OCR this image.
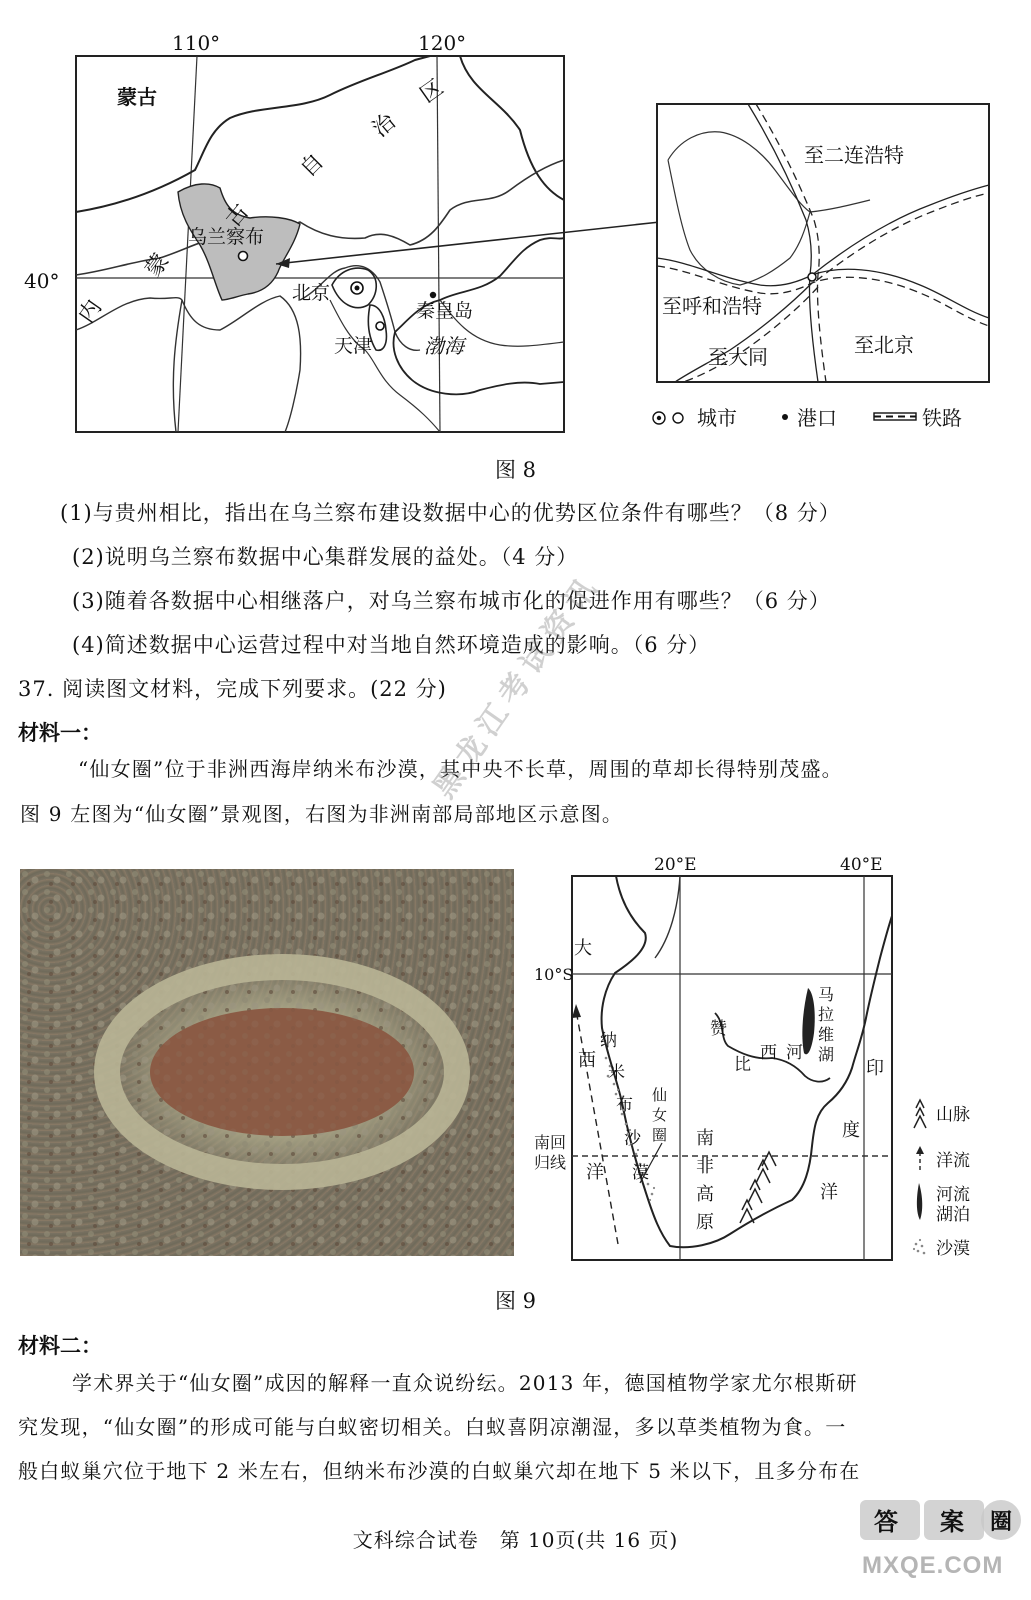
110°	120°
40°
蒙古
内
蒙
古
自
治
区
乌兰察布
北京
天津
秦皇岛
渤海
至二连浩特
至呼和浩特
至大同	至北京
城市	港口	铁路
图 8
(1)与贵州相比，指出在乌兰察布建设数据中心的优势区位条件有哪些？（8 分）
(2)说明乌兰察布数据中心集群发展的益处。（4 分）
(3)随着各数据中心相继落户，对乌兰察布城市化的促进作用有哪些？（6 分）
(4)简述数据中心运营过程中对当地自然环境造成的影响。（6 分）
37. 阅读图文材料，完成下列要求。(22 分)
材料一：
“仙女圈”位于非洲西海岸纳米布沙漠，其中央不长草，周围的草却长得特别茂盛。
图 9 左图为“仙女圈”景观图，右图为非洲南部局部地区示意图。
20°E	40°E
10°S
南回
归线
大
西
洋
纳
米
布
沙
漠
仙
女
圈
赞
比
西 河
马
拉
维
湖
南
非
高
原
印
度
洋
山脉
洋流
河流
湖泊
沙漠
图 9
材料二：
学术界关于“仙女圈”成因的解释一直众说纷纭。2013 年，德国植物学家尤尔根斯研
究发现，“仙女圈”的形成可能与白蚁密切相关。白蚁喜阴凉潮湿，多以草类植物为食。一
般白蚁巢穴位于地下 2 米左右，但纳米布沙漠的白蚁巢穴却在地下 5 米以下，且多分布在
黑龙江考试资讯
文科综合试卷　第 10页(共 16 页)
答 案 圈
MXQE.COM
